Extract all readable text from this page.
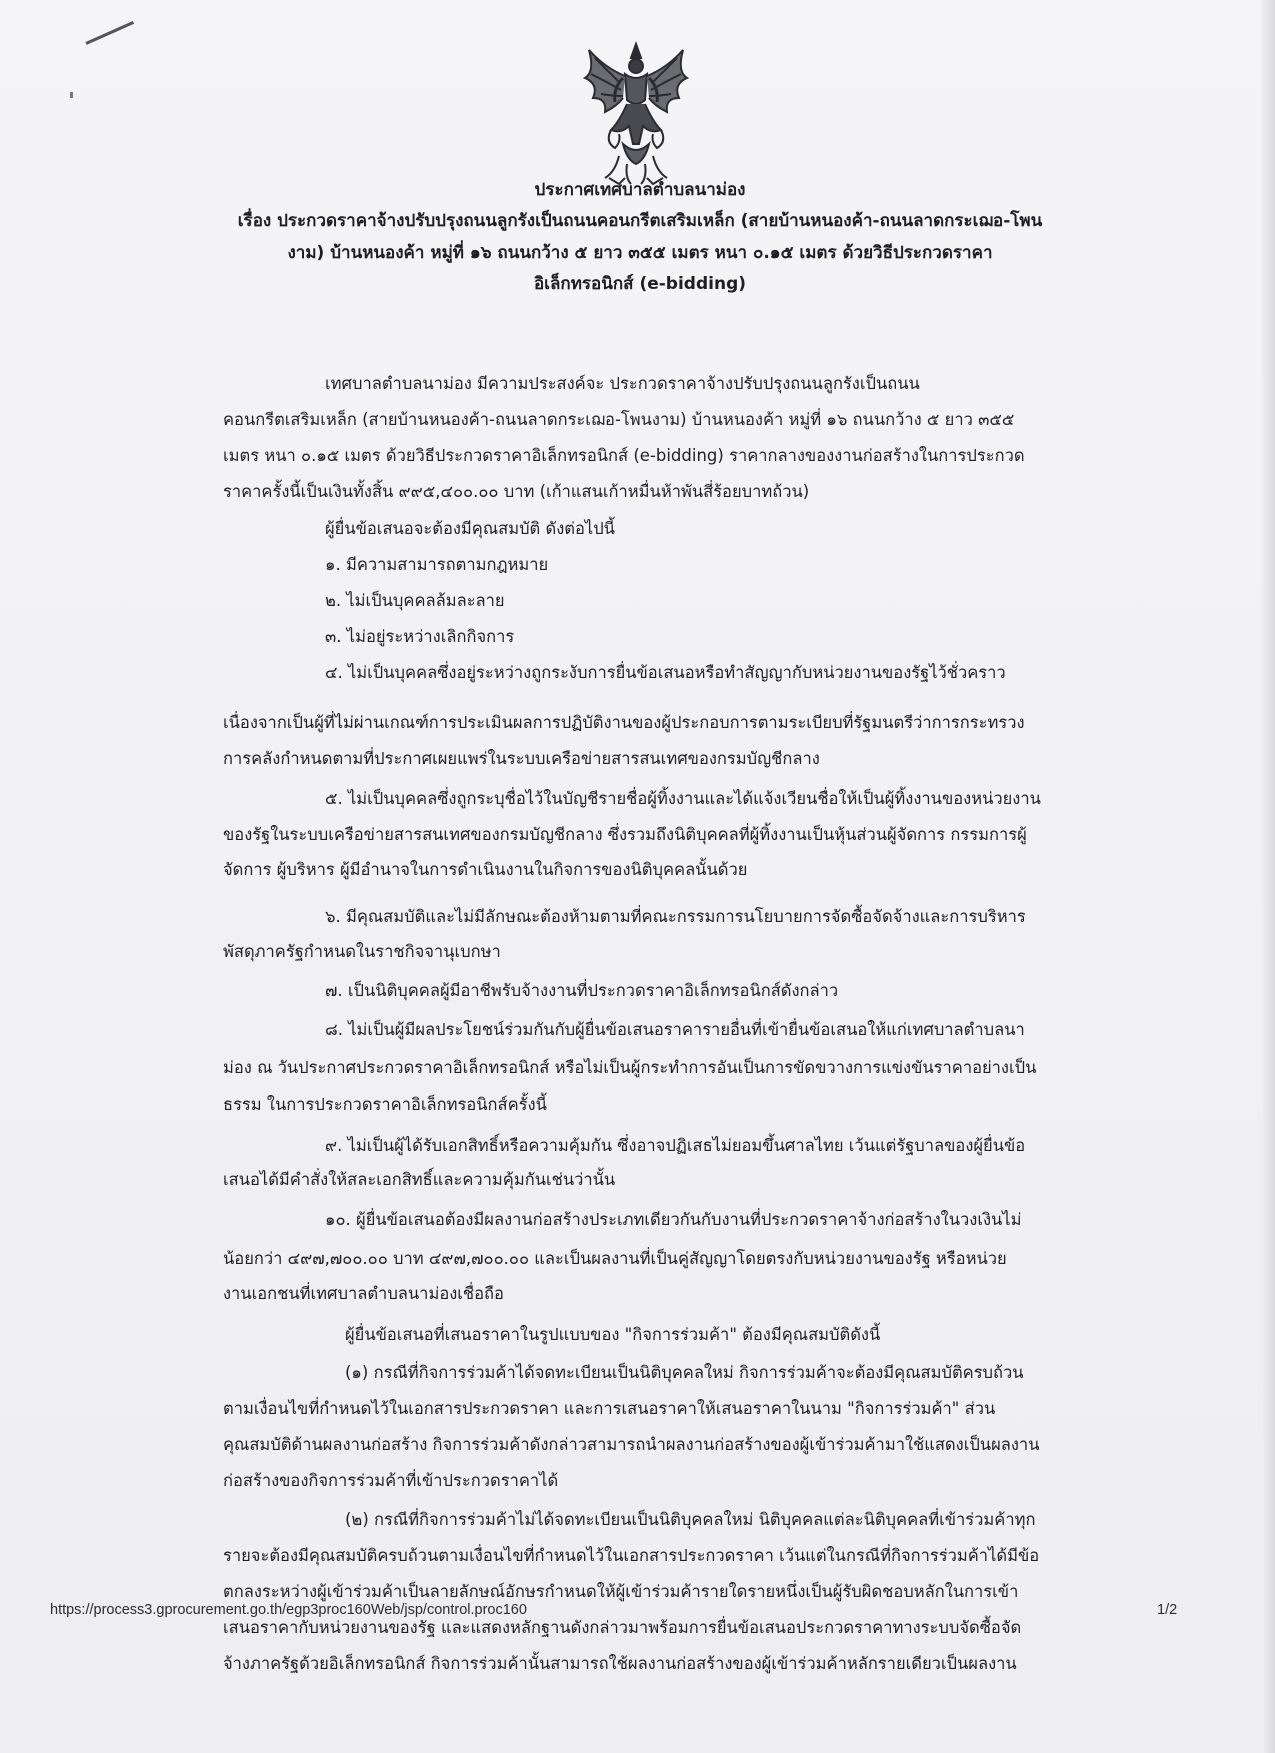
ประกาศเทศบาลตำบลนาม่อง
เรื่อง ประกวดราคาจ้างปรับปรุงถนนลูกรังเป็นถนนคอนกรีตเสริมเหล็ก (สายบ้านหนองค้า-ถนนลาดกระเฌอ-โพน
งาม) บ้านหนองค้า หมู่ที่ ๑๖ ถนนกว้าง ๕ ยาว ๓๕๕ เมตร หนา ๐.๑๕ เมตร ด้วยวิธีประกวดราคา
อิเล็กทรอนิกส์ (e-bidding)
เทศบาลตำบลนาม่อง มีความประสงค์จะ ประกวดราคาจ้างปรับปรุงถนนลูกรังเป็นถนน
คอนกรีตเสริมเหล็ก (สายบ้านหนองค้า-ถนนลาดกระเฌอ-โพนงาม) บ้านหนองค้า หมู่ที่ ๑๖ ถนนกว้าง ๕ ยาว ๓๕๕
เมตร หนา ๐.๑๕ เมตร ด้วยวิธีประกวดราคาอิเล็กทรอนิกส์ (e-bidding) ราคากลางของงานก่อสร้างในการประกวด
ราคาครั้งนี้เป็นเงินทั้งสิ้น ๙๙๕,๔๐๐.๐๐ บาท (เก้าแสนเก้าหมื่นห้าพันสี่ร้อยบาทถ้วน)
ผู้ยื่นข้อเสนอจะต้องมีคุณสมบัติ ดังต่อไปนี้
๑. มีความสามารถตามกฎหมาย
๒. ไม่เป็นบุคคลล้มละลาย
๓. ไม่อยู่ระหว่างเลิกกิจการ
๔. ไม่เป็นบุคคลซึ่งอยู่ระหว่างถูกระงับการยื่นข้อเสนอหรือทำสัญญากับหน่วยงานของรัฐไว้ชั่วคราว
เนื่องจากเป็นผู้ที่ไม่ผ่านเกณฑ์การประเมินผลการปฏิบัติงานของผู้ประกอบการตามระเบียบที่รัฐมนตรีว่าการกระทรวง
การคลังกำหนดตามที่ประกาศเผยแพร่ในระบบเครือข่ายสารสนเทศของกรมบัญชีกลาง
๕. ไม่เป็นบุคคลซึ่งถูกระบุชื่อไว้ในบัญชีรายชื่อผู้ทิ้งงานและได้แจ้งเวียนชื่อให้เป็นผู้ทิ้งงานของหน่วยงาน
ของรัฐในระบบเครือข่ายสารสนเทศของกรมบัญชีกลาง ซึ่งรวมถึงนิติบุคคลที่ผู้ทิ้งงานเป็นหุ้นส่วนผู้จัดการ กรรมการผู้
จัดการ ผู้บริหาร ผู้มีอำนาจในการดำเนินงานในกิจการของนิติบุคคลนั้นด้วย
๖. มีคุณสมบัติและไม่มีลักษณะต้องห้ามตามที่คณะกรรมการนโยบายการจัดซื้อจัดจ้างและการบริหาร
พัสดุภาครัฐกำหนดในราชกิจจานุเบกษา
๗. เป็นนิติบุคคลผู้มีอาชีพรับจ้างงานที่ประกวดราคาอิเล็กทรอนิกส์ดังกล่าว
๘. ไม่เป็นผู้มีผลประโยชน์ร่วมกันกับผู้ยื่นข้อเสนอราคารายอื่นที่เข้ายื่นข้อเสนอให้แก่เทศบาลตำบลนา
ม่อง ณ วันประกาศประกวดราคาอิเล็กทรอนิกส์ หรือไม่เป็นผู้กระทำการอันเป็นการขัดขวางการแข่งขันราคาอย่างเป็น
ธรรม ในการประกวดราคาอิเล็กทรอนิกส์ครั้งนี้
๙. ไม่เป็นผู้ได้รับเอกสิทธิ์หรือความคุ้มกัน ซึ่งอาจปฏิเสธไม่ยอมขึ้นศาลไทย เว้นแต่รัฐบาลของผู้ยื่นข้อ
เสนอได้มีคำสั่งให้สละเอกสิทธิ์และความคุ้มกันเช่นว่านั้น
๑๐. ผู้ยื่นข้อเสนอต้องมีผลงานก่อสร้างประเภทเดียวกันกับงานที่ประกวดราคาจ้างก่อสร้างในวงเงินไม่
น้อยกว่า ๔๙๗,๗๐๐.๐๐ บาท ๔๙๗,๗๐๐.๐๐ และเป็นผลงานที่เป็นคู่สัญญาโดยตรงกับหน่วยงานของรัฐ หรือหน่วย
งานเอกชนที่เทศบาลตำบลนาม่องเชื่อถือ
ผู้ยื่นข้อเสนอที่เสนอราคาในรูปแบบของ "กิจการร่วมค้า" ต้องมีคุณสมบัติดังนี้
(๑) กรณีที่กิจการร่วมค้าได้จดทะเบียนเป็นนิติบุคคลใหม่ กิจการร่วมค้าจะต้องมีคุณสมบัติครบถ้วน
ตามเงื่อนไขที่กำหนดไว้ในเอกสารประกวดราคา และการเสนอราคาให้เสนอราคาในนาม "กิจการร่วมค้า" ส่วน
คุณสมบัติด้านผลงานก่อสร้าง กิจการร่วมค้าดังกล่าวสามารถนำผลงานก่อสร้างของผู้เข้าร่วมค้ามาใช้แสดงเป็นผลงาน
ก่อสร้างของกิจการร่วมค้าที่เข้าประกวดราคาได้
(๒) กรณีที่กิจการร่วมค้าไม่ได้จดทะเบียนเป็นนิติบุคคลใหม่ นิติบุคคลแต่ละนิติบุคคลที่เข้าร่วมค้าทุก
รายจะต้องมีคุณสมบัติครบถ้วนตามเงื่อนไขที่กำหนดไว้ในเอกสารประกวดราคา เว้นแต่ในกรณีที่กิจการร่วมค้าได้มีข้อ
ตกลงระหว่างผู้เข้าร่วมค้าเป็นลายลักษณ์อักษรกำหนดให้ผู้เข้าร่วมค้ารายใดรายหนึ่งเป็นผู้รับผิดชอบหลักในการเข้า
เสนอราคากับหน่วยงานของรัฐ และแสดงหลักฐานดังกล่าวมาพร้อมการยื่นข้อเสนอประกวดราคาทางระบบจัดซื้อจัด
จ้างภาครัฐด้วยอิเล็กทรอนิกส์ กิจการร่วมค้านั้นสามารถใช้ผลงานก่อสร้างของผู้เข้าร่วมค้าหลักรายเดียวเป็นผลงาน
https://process3.gprocurement.go.th/egp3proc160Web/jsp/control.proc160	1/2
